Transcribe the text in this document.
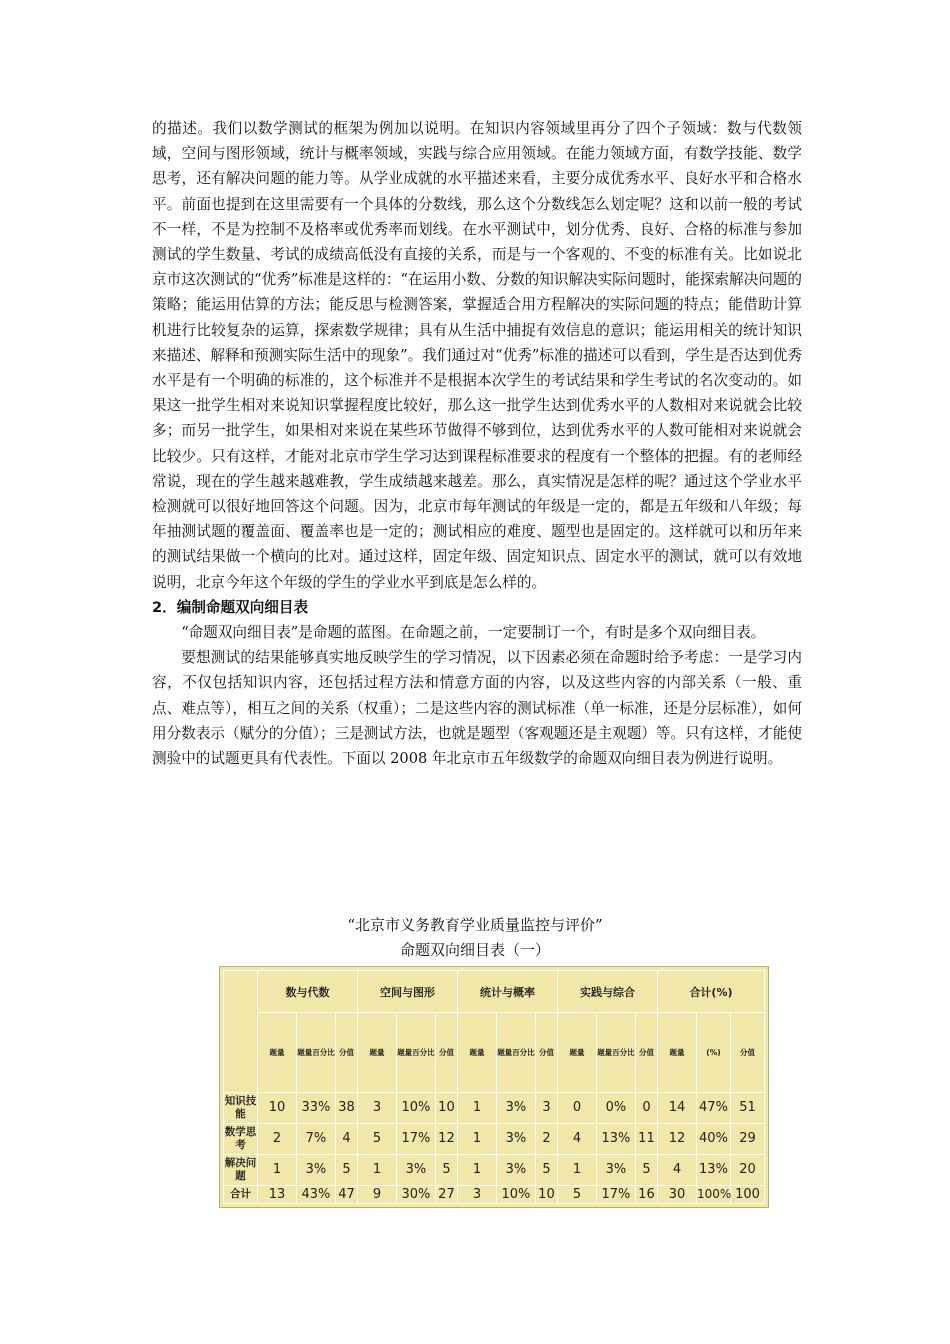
的描述。我们以数学测试的框架为例加以说明。在知识内容领域里再分了四个子领域：数与代数领域，空间与图形领域，统计与概率领域，实践与综合应用领域。在能力领域方面，有数学技能、数学思考，还有解决问题的能力等。从学业成就的水平描述来看，主要分成优秀水平、良好水平和合格水平。前面也提到在这里需要有一个具体的分数线，那么这个分数线怎么划定呢？这和以前一般的考试不一样，不是为控制不及格率或优秀率而划线。在水平测试中，划分优秀、良好、合格的标准与参加测试的学生数量、考试的成绩高低没有直接的关系，而是与一个客观的、不变的标准有关。比如说北京市这次测试的“优秀”标准是这样的：“在运用小数、分数的知识解决实际问题时，能探索解决问题的策略；能运用估算的方法；能反思与检测答案，掌握适合用方程解决的实际问题的特点；能借助计算机进行比较复杂的运算，探索数学规律；具有从生活中捕捉有效信息的意识；能运用相关的统计知识来描述、解释和预测实际生活中的现象”。我们通过对“优秀”标准的描述可以看到，学生是否达到优秀水平是有一个明确的标准的，这个标准并不是根据本次学生的考试结果和学生考试的名次变动的。如果这一批学生相对来说知识掌握程度比较好，那么这一批学生达到优秀水平的人数相对来说就会比较多；而另一批学生，如果相对来说在某些环节做得不够到位，达到优秀水平的人数可能相对来说就会比较少。只有这样，才能对北京市学生学习达到课程标准要求的程度有一个整体的把握。有的老师经常说，现在的学生越来越难教，学生成绩越来越差。那么，真实情况是怎样的呢？通过这个学业水平检测就可以很好地回答这个问题。因为，北京市每年测试的年级是一定的，都是五年级和八年级；每年抽测试题的覆盖面、覆盖率也是一定的；测试相应的难度、题型也是固定的。这样就可以和历年来的测试结果做一个横向的比对。通过这样，固定年级、固定知识点、固定水平的测试，就可以有效地说明，北京今年这个年级的学生的学业水平到底是怎么样的。

2．编制命题双向细目表

“命题双向细目表”是命题的蓝图。在命题之前，一定要制订一个，有时是多个双向细目表。

要想测试的结果能够真实地反映学生的学习情况，以下因素必须在命题时给予考虑：一是学习内容，不仅包括知识内容，还包括过程方法和情意方面的内容，以及这些内容的内部关系（一般、重点、难点等），相互之间的关系（权重）；二是这些内容的测试标准（单一标准，还是分层标准），如何用分数表示（赋分的分值）；三是测试方法，也就是题型（客观题还是主观题）等。只有这样，才能使测验中的试题更具有代表性。下面以 2008 年北京市五年级数学的命题双向细目表为例进行说明。

“北京市义务教育学业质量监控与评价”
命题双向细目表（一）
	数与代数			空间与图形			统计与概率			实践与综合			合计(%)		
	题量	题量百分比	分值	题量	题量百分比	分值	题量	题量百分比	分值	题量	题量百分比	分值	题量	(%)	分值
知识技能	10	33%	38	3	10%	10	1	3%	3	0	0%	0	14	47%	51
数学思考	2	7%	4	5	17%	12	1	3%	2	4	13%	11	12	40%	29
解决问题	1	3%	5	1	3%	5	1	3%	5	1	3%	5	4	13%	20
合计	13	43%	47	9	30%	27	3	10%	10	5	17%	16	30	100%	100
